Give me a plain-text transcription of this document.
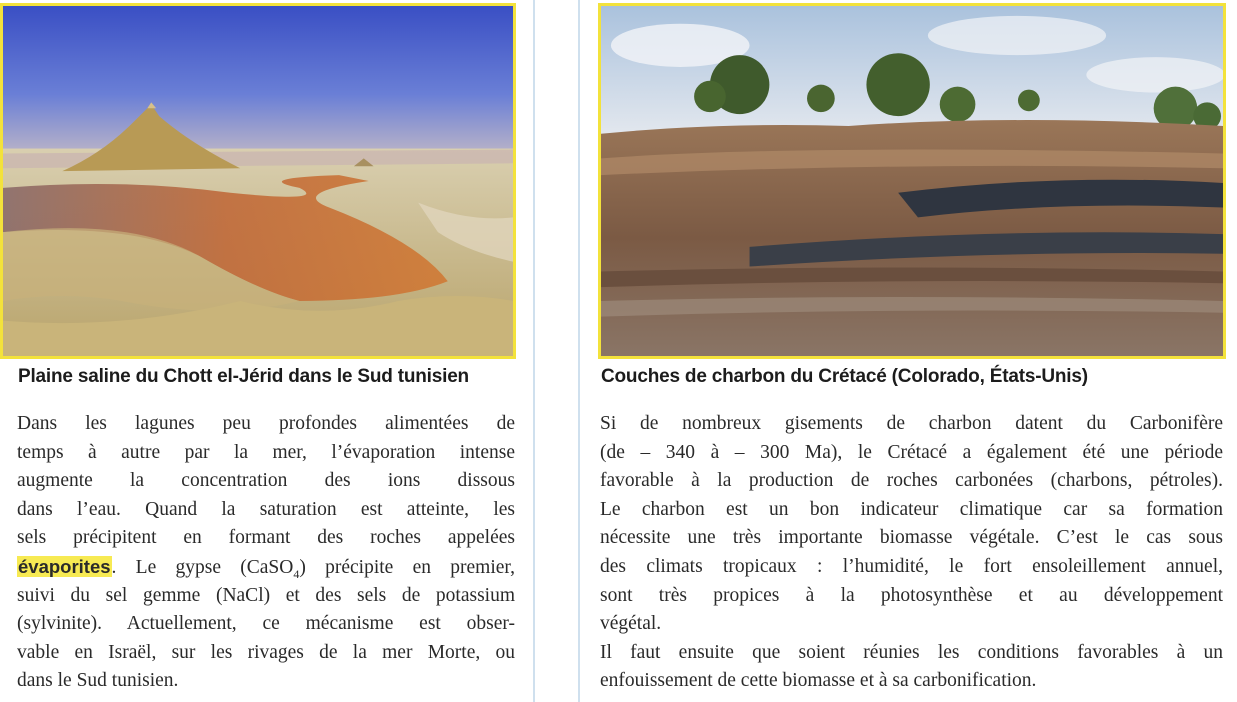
Plaine saline du Chott el-Jérid dans le Sud tunisien	Couches de charbon du Crétacé (Colorado, États-Unis)
Dans les lagunes peu profondes alimentées de
temps à autre par la mer, l’évaporation intense
augmente la concentration des ions dissous
dans l’eau. Quand la saturation est atteinte, les
sels précipitent en formant des roches appelées
évaporites. Le gypse (CaSO$_4$) précipite en premier,
suivi du sel gemme (NaCl) et des sels de potassium
(sylvinite). Actuellement, ce mécanisme est obser-
vable en Israël, sur les rivages de la mer Morte, ou
dans le Sud tunisien.
Si de nombreux gisements de charbon datent du Carbonifère
(de – 340 à – 300 Ma), le Crétacé a également été une période
favorable à la production de roches carbonées (charbons, pétroles).
Le charbon est un bon indicateur climatique car sa formation
nécessite une très importante biomasse végétale. C’est le cas sous
des climats tropicaux : l’humidité, le fort ensoleillement annuel,
sont très propices à la photosynthèse et au développement
végétal.
Il faut ensuite que soient réunies les conditions favorables à un
enfouissement de cette biomasse et à sa carbonification.
